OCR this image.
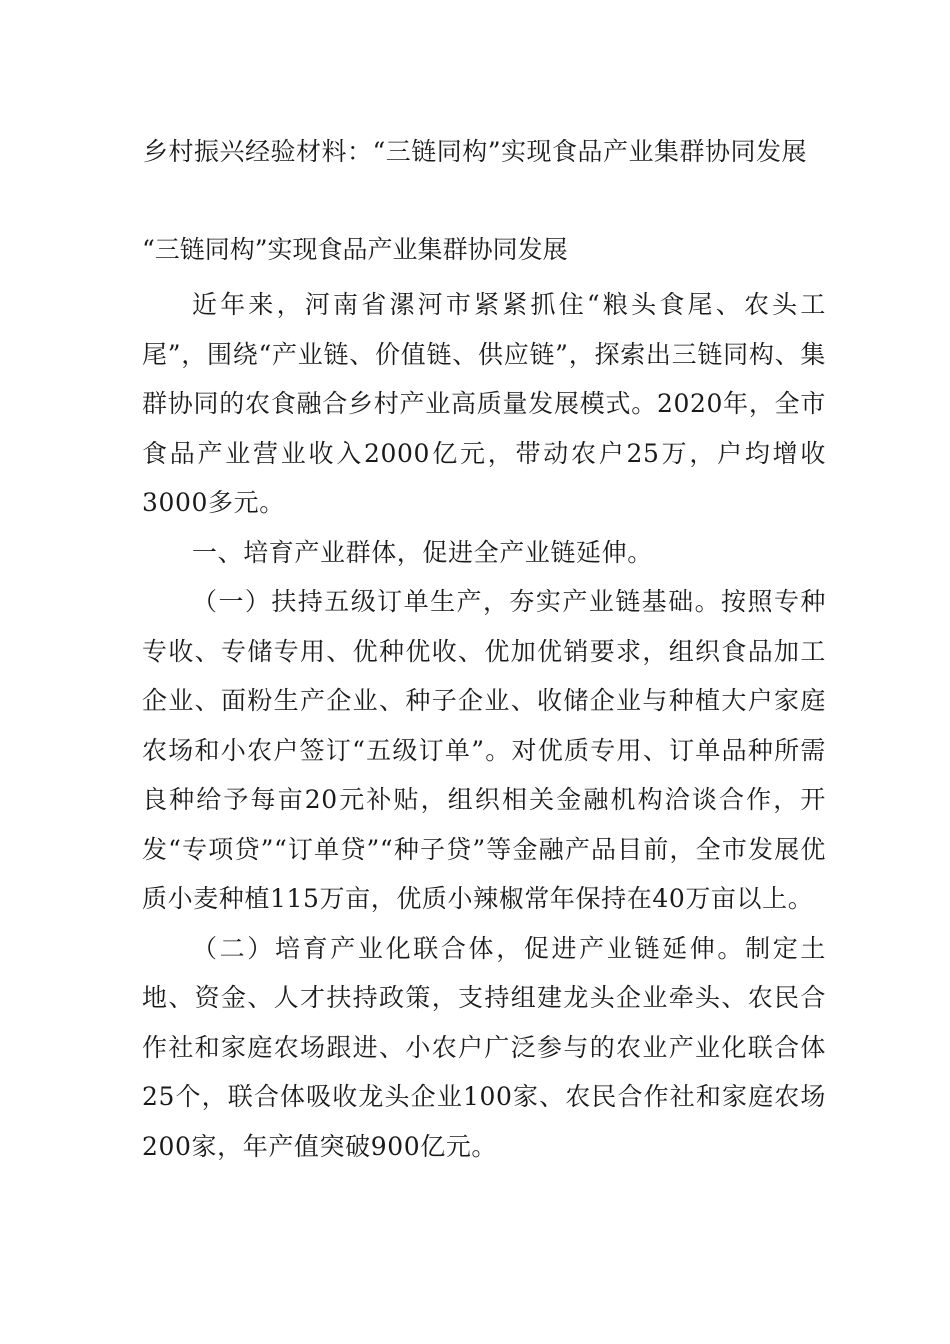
乡村振兴经验材料：“三链同构”实现食品产业集群协同发展
“三链同构”实现食品产业集群协同发展

近年来，河南省漯河市紧紧抓住“粮头食尾、农头工尾”，围绕“产业链、价值链、供应链”，探索出三链同构、集群协同的农食融合乡村产业高质量发展模式。2020年，全市食品产业营业收入2000亿元，带动农户25万，户均增收3000多元。

一、培育产业群体，促进全产业链延伸。

（一）扶持五级订单生产，夯实产业链基础。按照专种专收、专储专用、优种优收、优加优销要求，组织食品加工企业、面粉生产企业、种子企业、收储企业与种植大户家庭农场和小农户签订“五级订单”。对优质专用、订单品种所需良种给予每亩20元补贴，组织相关金融机构洽谈合作，开发“专项贷”“订单贷”“种子贷”等金融产品目前，全市发展优质小麦种植115万亩，优质小辣椒常年保持在40万亩以上。

（二）培育产业化联合体，促进产业链延伸。制定土地、资金、人才扶持政策，支持组建龙头企业牵头、农民合作社和家庭农场跟进、小农户广泛参与的农业产业化联合体25个，联合体吸收龙头企业100家、农民合作社和家庭农场200家，年产值突破900亿元。
